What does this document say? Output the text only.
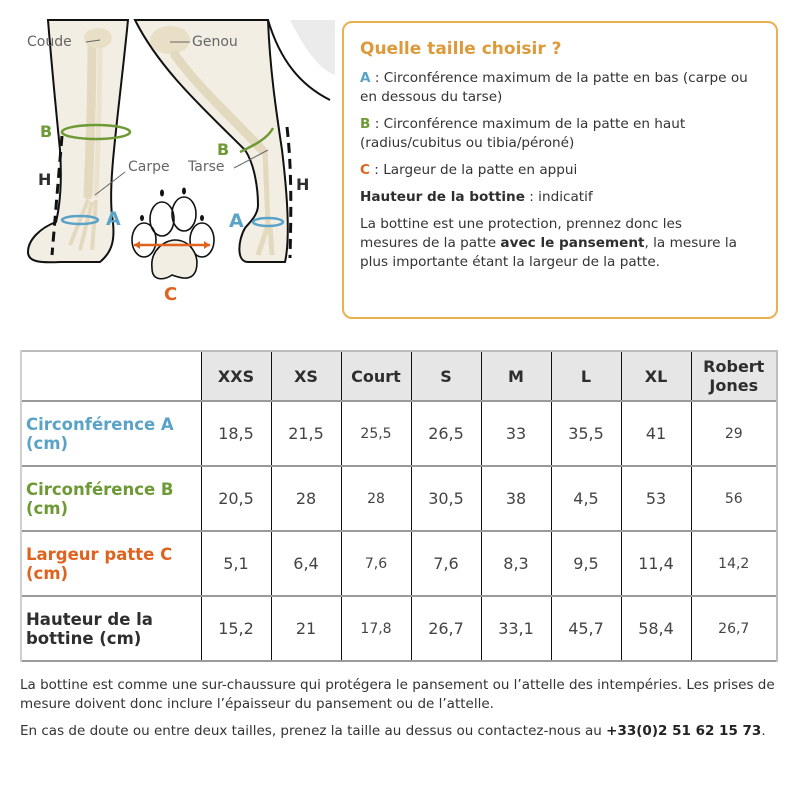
Coude	Genou
Carpe Tarse
B
B
H	H
A	A
C
Quelle taille choisir ?

A : Circonférence maximum de la patte en bas (carpe ou en dessous du tarse)

B : Circonférence maximum de la patte en haut (radius/cubitus ou tibia/péroné)

C : Largeur de la patte en appui

Hauteur de la bottine : indicatif

La bottine est une protection, prennez donc les mesures de la patte avec le pansement, la mesure la plus importante étant la largeur de la patte.

	XXS	XS	Court	S	M	L	XL	Robert Jones
Circonférence A (cm)	18,5	21,5	25,5	26,5	33	35,5	41	29
Circonférence B (cm)	20,5	28	28	30,5	38	4,5	53	56
Largeur patte C (cm)	5,1	6,4	7,6	7,6	8,3	9,5	11,4	14,2
Hauteur de la bottine (cm)	15,2	21	17,8	26,7	33,1	45,7	58,4	26,7

La bottine est comme une sur-chaussure qui protégera le pansement ou l’attelle des intempéries. Les prises de mesure doivent donc inclure l’épaisseur du pansement ou de l’attelle.

En cas de doute ou entre deux tailles, prenez la taille au dessus ou contactez-nous au +33(0)2 51 62 15 73.
